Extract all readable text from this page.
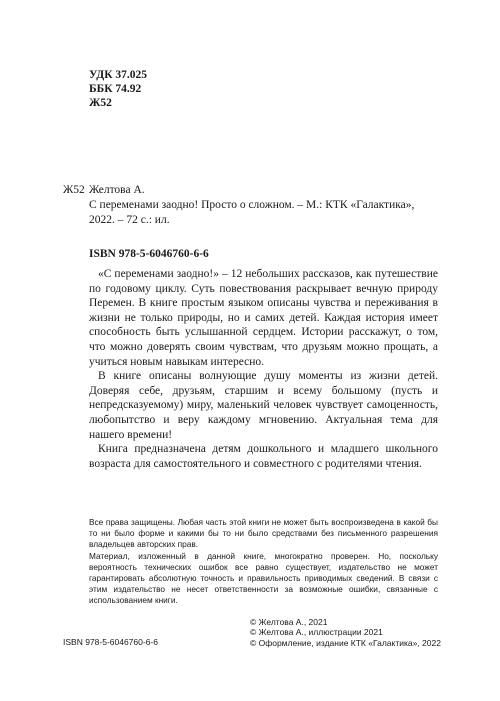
УДК 37.025
ББК 74.92
Ж52
Ж52 Желтова А.
С переменами заодно! Просто о сложном. – М.: КТК «Галактика», 2022. – 72 с.: ил.
ISBN 978-5-6046760-6-6

«С переменами заодно!» – 12 небольших рассказов, как путешествие по годовому циклу. Суть повествования раскрывает вечную природу Перемен. В книге простым языком описаны чувства и переживания в жизни не только природы, но и самих детей. Каждая история имеет способность быть услышанной сердцем. Истории расскажут, о том, что можно доверять своим чувствам, что друзьям можно прощать, а учиться новым навыкам интересно.

В книге описаны волнующие душу моменты из жизни детей. Доверяя себе, друзьям, старшим и всему большому (пусть и непредсказуемому) миру, маленький человек чувствует самоценность, любопытство и веру каждому мгновению. Актуальная тема для нашего времени!

Книга предназначена детям дошкольного и младшего школьного возраста для самостоятельного и совместного с родителями чтения.

Все права защищены. Любая часть этой книги не может быть воспроизведена в какой бы то ни было форме и какими бы то ни было средствами без письменного разрешения владельцев авторских прав.

Материал, изложенный в данной книге, многократно проверен. Но, поскольку вероятность технических ошибок все равно существует, издательство не может гарантировать абсолютную точность и правильность приводимых сведений. В связи с этим издательство не несет ответственности за возможные ошибки, связанные с использованием книги.

© Желтова А., 2021
© Желтова А., иллюстрации 2021
© Оформление, издание КТК «Галактика», 2022
ISBN 978-5-6046760-6-6
